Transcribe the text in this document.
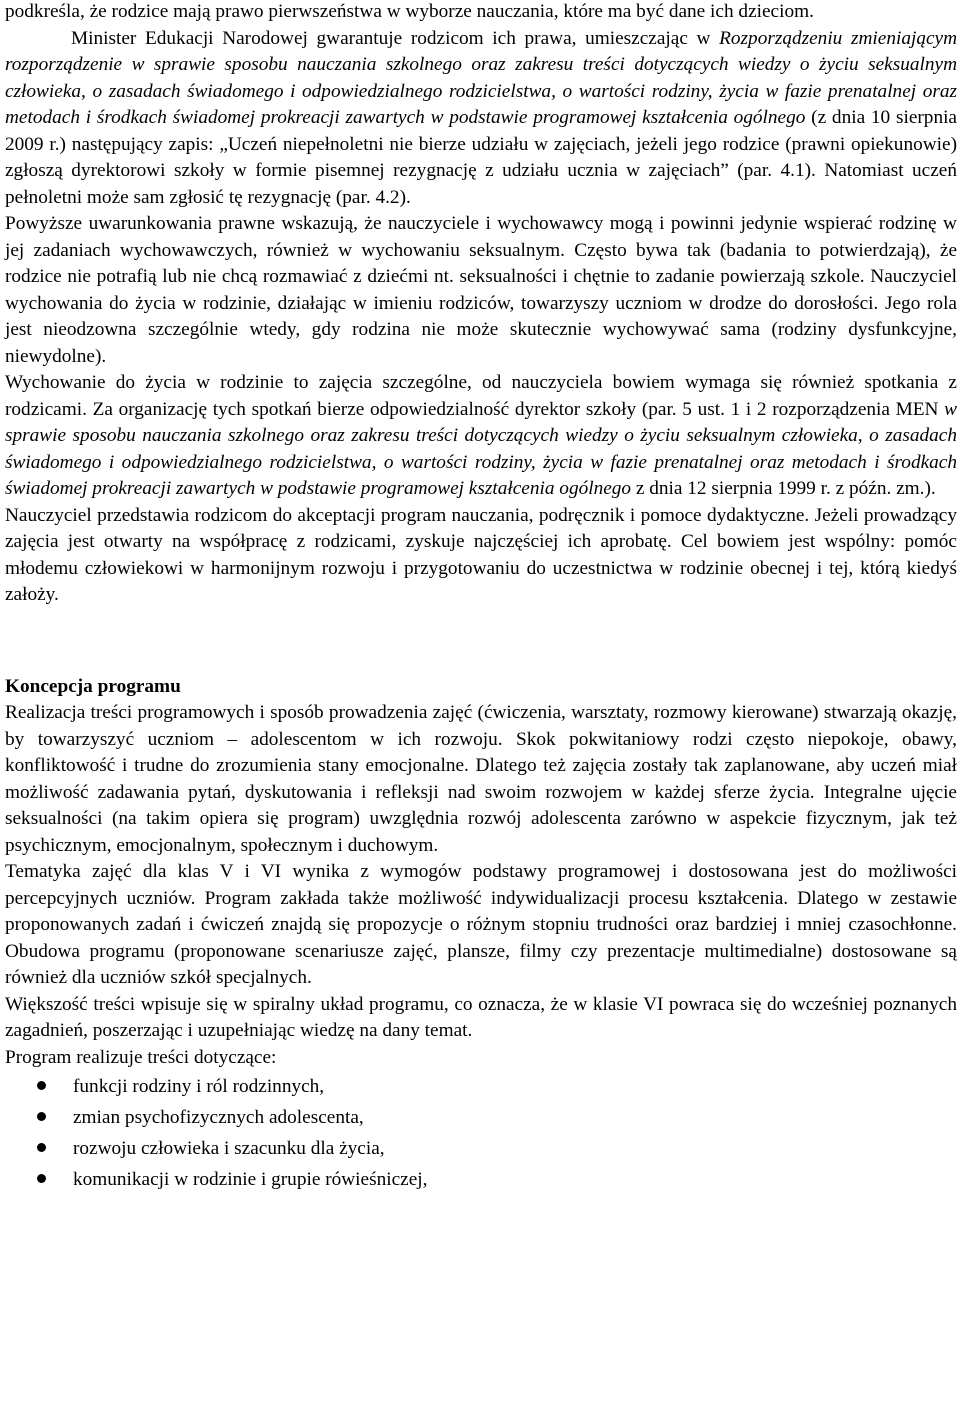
podkreśla, że rodzice mają prawo pierwszeństwa w wyborze nauczania, które ma być dane ich dzieciom.

Minister Edukacji Narodowej gwarantuje rodzicom ich prawa, umieszczając w Rozporządzeniu zmieniającym rozporządzenie w sprawie sposobu nauczania szkolnego oraz zakresu treści dotyczących wiedzy o życiu seksualnym człowieka, o zasadach świadomego i odpowiedzialnego rodzicielstwa, o wartości rodziny, życia w fazie prenatalnej oraz metodach i środkach świadomej prokreacji zawartych w podstawie programowej kształcenia ogólnego (z dnia 10 sierpnia 2009 r.) następujący zapis: „Uczeń niepełnoletni nie bierze udziału w zajęciach, jeżeli jego rodzice (prawni opiekunowie) zgłoszą dyrektorowi szkoły w formie pisemnej rezygnację z udziału ucznia w zajęciach” (par. 4.1). Natomiast uczeń pełnoletni może sam zgłosić tę rezygnację (par. 4.2).

Powyższe uwarunkowania prawne wskazują, że nauczyciele i wychowawcy mogą i powinni jedynie wspierać rodzinę w jej zadaniach wychowawczych, również w wychowaniu seksualnym. Często bywa tak (badania to potwierdzają), że rodzice nie potrafią lub nie chcą rozmawiać z dziećmi nt. seksualności i chętnie to zadanie powierzają szkole. Nauczyciel wychowania do życia w rodzinie, działając w imieniu rodziców, towarzyszy uczniom w drodze do dorosłości. Jego rola jest nieodzowna szczególnie wtedy, gdy rodzina nie może skutecznie wychowywać sama (rodziny dysfunkcyjne, niewydolne).

Wychowanie do życia w rodzinie to zajęcia szczególne, od nauczyciela bowiem wymaga się również spotkania z rodzicami. Za organizację tych spotkań bierze odpowiedzialność dyrektor szkoły (par. 5 ust. 1 i 2 rozporządzenia MEN w sprawie sposobu nauczania szkolnego oraz zakresu treści dotyczących wiedzy o życiu seksualnym człowieka, o zasadach świadomego i odpowiedzialnego rodzicielstwa, o wartości rodziny, życia w fazie prenatalnej oraz metodach i środkach świadomej prokreacji zawartych w podstawie programowej kształcenia ogólnego z dnia 12 sierpnia 1999 r. z późn. zm.).

Nauczyciel przedstawia rodzicom do akceptacji program nauczania, podręcznik i pomoce dydaktyczne. Jeżeli prowadzący zajęcia jest otwarty na współpracę z rodzicami, zyskuje najczęściej ich aprobatę. Cel bowiem jest wspólny: pomóc młodemu człowiekowi w harmonijnym rozwoju i przygotowaniu do uczestnictwa w rodzinie obecnej i tej, którą kiedyś założy.

Koncepcja programu

Realizacja treści programowych i sposób prowadzenia zajęć (ćwiczenia, warsztaty, rozmowy kierowane) stwarzają okazję, by towarzyszyć uczniom – adolescentom w ich rozwoju. Skok pokwitaniowy rodzi często niepokoje, obawy, konfliktowość i trudne do zrozumienia stany emocjonalne. Dlatego też zajęcia zostały tak zaplanowane, aby uczeń miał możliwość zadawania pytań, dyskutowania i refleksji nad swoim rozwojem w każdej sferze życia. Integralne ujęcie seksualności (na takim opiera się program) uwzględnia rozwój adolescenta zarówno w aspekcie fizycznym, jak też psychicznym, emocjonalnym, społecznym i duchowym.

Tematyka zajęć dla klas V i VI wynika z wymogów podstawy programowej i dostosowana jest do możliwości percepcyjnych uczniów. Program zakłada także możliwość indywidualizacji procesu kształcenia. Dlatego w zestawie proponowanych zadań i ćwiczeń znajdą się propozycje o różnym stopniu trudności oraz bardziej i mniej czasochłonne. Obudowa programu (proponowane scenariusze zajęć, plansze, filmy czy prezentacje multimedialne) dostosowane są również dla uczniów szkół specjalnych.

Większość treści wpisuje się w spiralny układ programu, co oznacza, że w klasie VI powraca się do wcześniej poznanych zagadnień, poszerzając i uzupełniając wiedzę na dany temat.

Program realizuje treści dotyczące:

funkcji rodziny i ról rodzinnych,
zmian psychofizycznych adolescenta,
rozwoju człowieka i szacunku dla życia,
komunikacji w rodzinie i grupie rówieśniczej,
